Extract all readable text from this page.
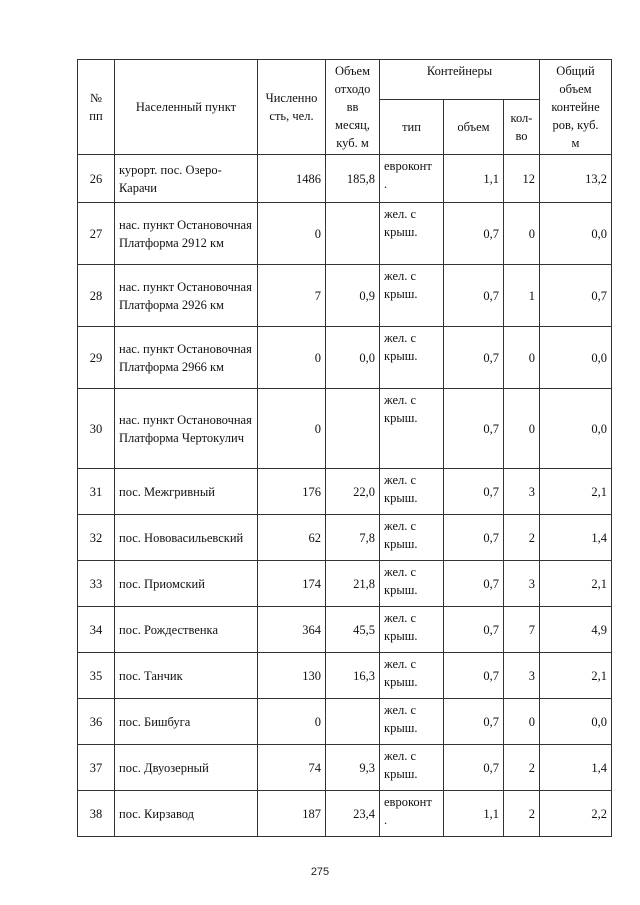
№
пп	Населенный пункт	Численно
сть, чел.	Объем
отходо
вв
месяц,
куб. м	Контейнеры			Общий
объем
контейне
ров, куб.
м
				тип	объем	кол-
во	
26	курорт. пос. Озеро-Карачи	1486	185,8	евроконт
.	1,1	12	13,2
27	нас. пункт Остановочная Платформа 2912 км	0		жел. с
крыш.	0,7	0	0,0
28	нас. пункт Остановочная Платформа 2926 км	7	0,9	жел. с
крыш.	0,7	1	0,7
29	нас. пункт Остановочная Платформа 2966 км	0	0,0	жел. с
крыш.	0,7	0	0,0
30	нас. пункт Остановочная Платформа Чертокулич	0		жел. с
крыш.	0,7	0	0,0
31	пос. Межгривный	176	22,0	жел. с
крыш.	0,7	3	2,1
32	пос. Нововасильевский	62	7,8	жел. с
крыш.	0,7	2	1,4
33	пос. Приомский	174	21,8	жел. с
крыш.	0,7	3	2,1
34	пос. Рождественка	364	45,5	жел. с
крыш.	0,7	7	4,9
35	пос. Танчик	130	16,3	жел. с
крыш.	0,7	3	2,1
36	пос. Бишбуга	0		жел. с
крыш.	0,7	0	0,0
37	пос. Двуозерный	74	9,3	жел. с
крыш.	0,7	2	1,4
38	пос. Кирзавод	187	23,4	евроконт
.	1,1	2	2,2
275
